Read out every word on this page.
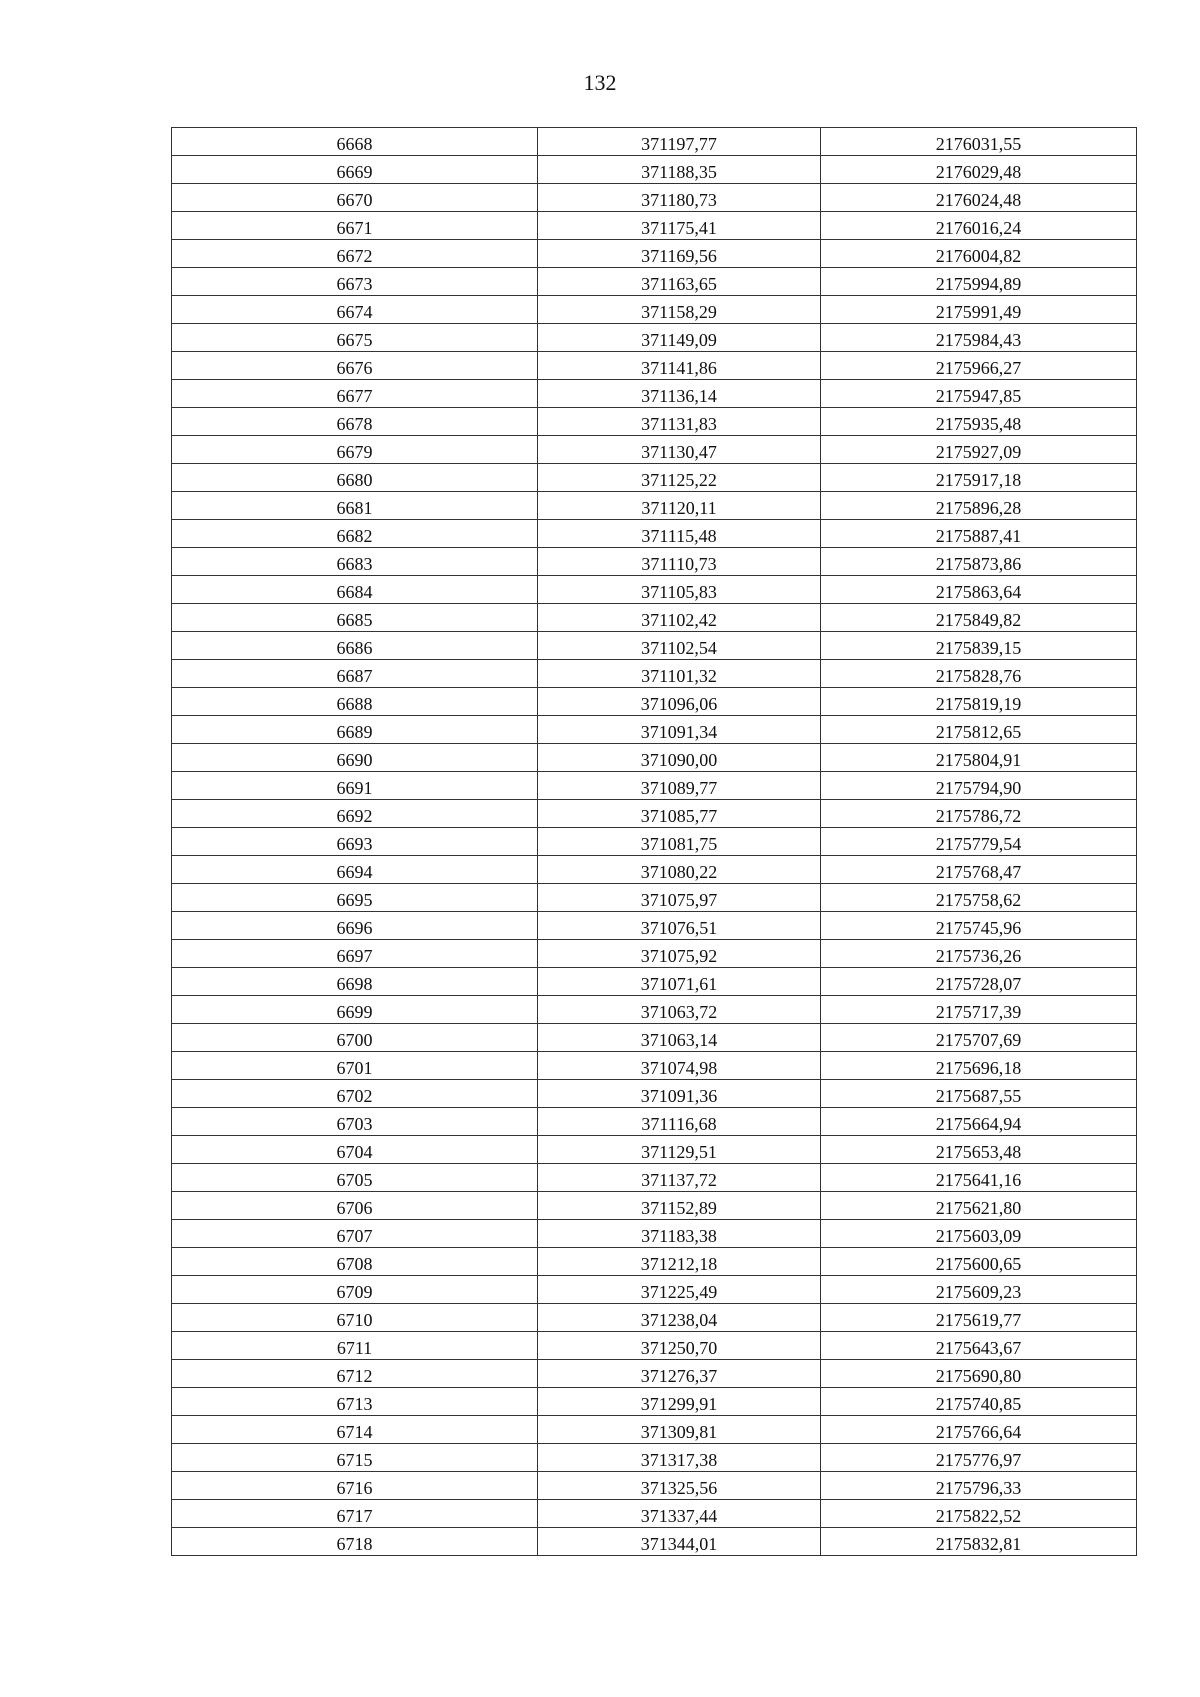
132
6668	371197,77	2176031,55
6669	371188,35	2176029,48
6670	371180,73	2176024,48
6671	371175,41	2176016,24
6672	371169,56	2176004,82
6673	371163,65	2175994,89
6674	371158,29	2175991,49
6675	371149,09	2175984,43
6676	371141,86	2175966,27
6677	371136,14	2175947,85
6678	371131,83	2175935,48
6679	371130,47	2175927,09
6680	371125,22	2175917,18
6681	371120,11	2175896,28
6682	371115,48	2175887,41
6683	371110,73	2175873,86
6684	371105,83	2175863,64
6685	371102,42	2175849,82
6686	371102,54	2175839,15
6687	371101,32	2175828,76
6688	371096,06	2175819,19
6689	371091,34	2175812,65
6690	371090,00	2175804,91
6691	371089,77	2175794,90
6692	371085,77	2175786,72
6693	371081,75	2175779,54
6694	371080,22	2175768,47
6695	371075,97	2175758,62
6696	371076,51	2175745,96
6697	371075,92	2175736,26
6698	371071,61	2175728,07
6699	371063,72	2175717,39
6700	371063,14	2175707,69
6701	371074,98	2175696,18
6702	371091,36	2175687,55
6703	371116,68	2175664,94
6704	371129,51	2175653,48
6705	371137,72	2175641,16
6706	371152,89	2175621,80
6707	371183,38	2175603,09
6708	371212,18	2175600,65
6709	371225,49	2175609,23
6710	371238,04	2175619,77
6711	371250,70	2175643,67
6712	371276,37	2175690,80
6713	371299,91	2175740,85
6714	371309,81	2175766,64
6715	371317,38	2175776,97
6716	371325,56	2175796,33
6717	371337,44	2175822,52
6718	371344,01	2175832,81
